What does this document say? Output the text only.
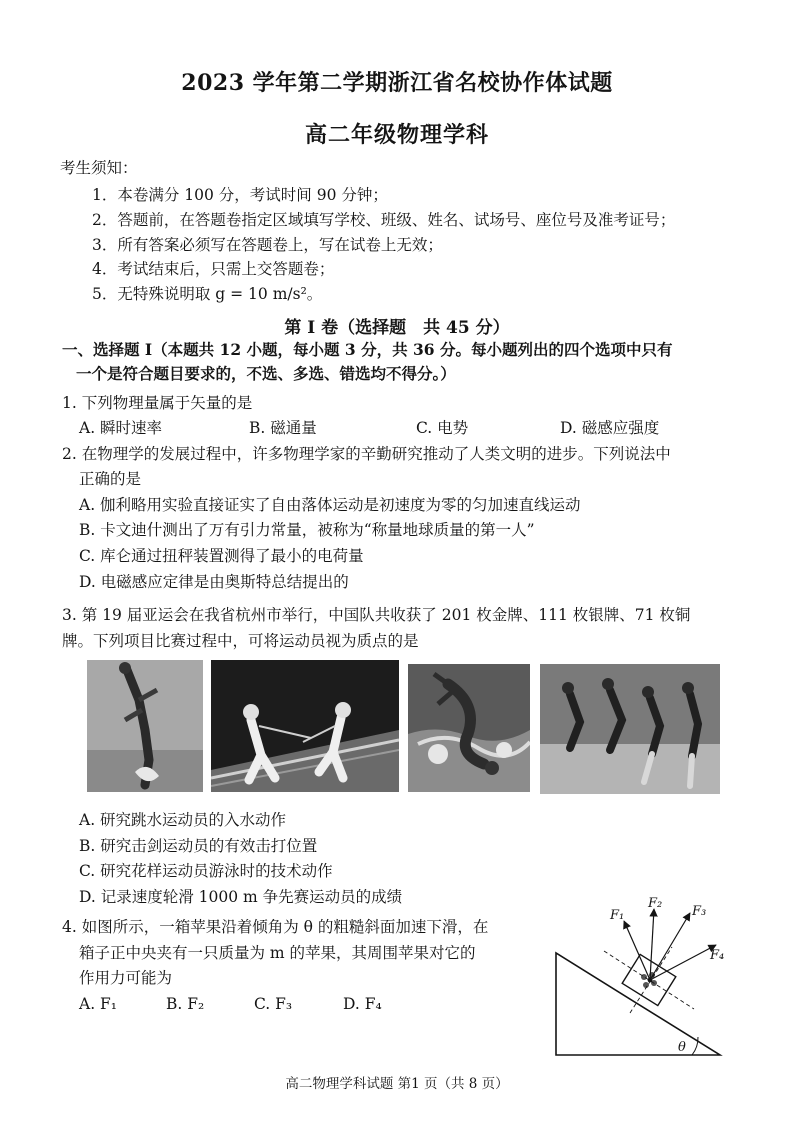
2023 学年第二学期浙江省名校协作体试题
高二年级物理学科
考生须知：
1．本卷满分 100 分，考试时间 90 分钟；
2．答题前，在答题卷指定区域填写学校、班级、姓名、试场号、座位号及准考证号；
3．所有答案必须写在答题卷上，写在试卷上无效；
4．考试结束后，只需上交答题卷；
5．无特殊说明取 g = 10 m/s²。
第 I 卷（选择题　共 45 分）
一、选择题 I（本题共 12 小题，每小题 3 分，共 36 分。每小题列出的四个选项中只有
一个是符合题目要求的，不选、多选、错选均不得分。）
1. 下列物理量属于矢量的是
A. 瞬时速率	B. 磁通量	C. 电势	D. 磁感应强度
2. 在物理学的发展过程中，许多物理学家的辛勤研究推动了人类文明的进步。下列说法中
正确的是
A. 伽利略用实验直接证实了自由落体运动是初速度为零的匀加速直线运动
B. 卡文迪什测出了万有引力常量，被称为“称量地球质量的第一人”
C. 库仑通过扭秤装置测得了最小的电荷量
D. 电磁感应定律是由奥斯特总结提出的
3. 第 19 届亚运会在我省杭州市举行，中国队共收获了 201 枚金牌、111 枚银牌、71 枚铜
牌。下列项目比赛过程中，可将运动员视为质点的是
A. 研究跳水运动员的入水动作
B. 研究击剑运动员的有效击打位置
C. 研究花样运动员游泳时的技术动作
D. 记录速度轮滑 1000 m 争先赛运动员的成绩
4. 如图所示，一箱苹果沿着倾角为 θ 的粗糙斜面加速下滑，在
箱子正中央夹有一只质量为 m 的苹果，其周围苹果对它的
作用力可能为
A. F₁	B. F₂	C. F₃	D. F₄
F₁
F₂
F₃
F₄
θ
高二物理学科试题 第1 页（共 8 页）
